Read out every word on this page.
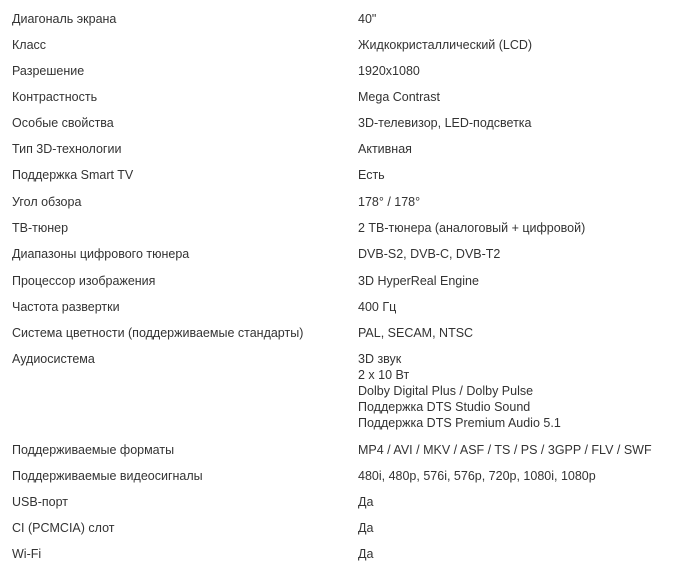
Диагональ экрана	40"
Класс	Жидкокристаллический (LCD)
Разрешение	1920x1080
Контрастность	Mega Contrast
Особые свойства	3D-телевизор, LED-подсветка
Тип 3D-технологии	Активная
Поддержка Smart TV	Есть
Угол обзора	178° / 178°
ТВ-тюнер	2 ТВ-тюнера (аналоговый + цифровой)
Диапазоны цифрового тюнера	DVB-S2, DVB-C, DVB-T2
Процессор изображения	3D HyperReal Engine
Частота развертки	400 Гц
Система цветности (поддерживаемые стандарты)	PAL, SECAM, NTSC
Аудиосистема	3D звук
2 х 10 Вт
Dolby Digital Plus / Dolby Pulse
Поддержка DTS Studio Sound
Поддержка DTS Premium Audio 5.1
Поддерживаемые форматы	MP4 / AVI / MKV / ASF / TS / PS / 3GPP / FLV / SWF
Поддерживаемые видеосигналы	480i, 480p, 576i, 576p, 720p, 1080i, 1080p
USB-порт	Да
CI (PCMCIA) слот	Да
Wi-Fi	Да
